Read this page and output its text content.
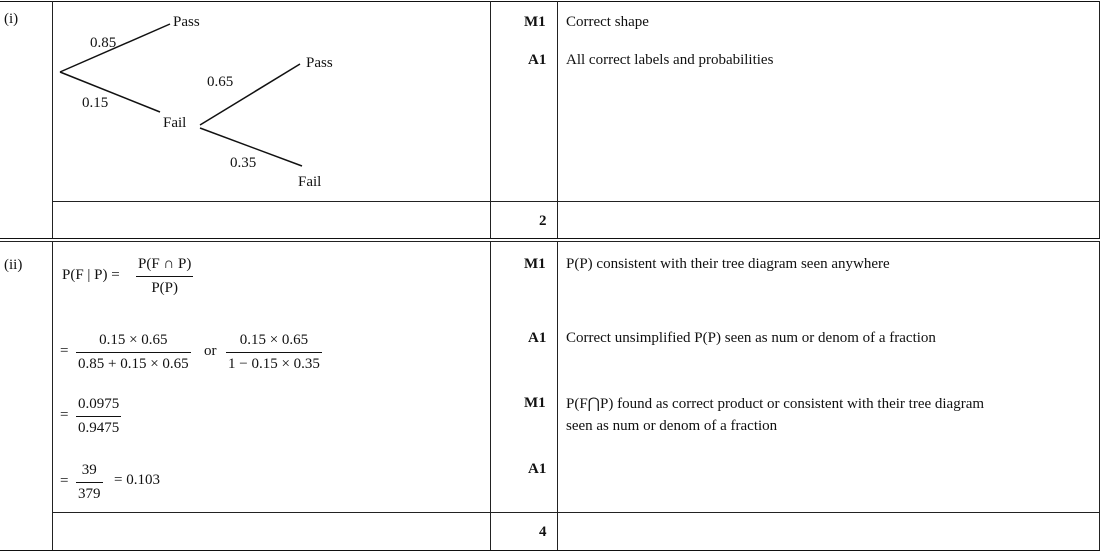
(i)	Pass
0.85
0.15
Fail
0.65
Pass
0.35
Fail
M1 Correct shape
A1 All correct labels and probabilities
2
(ii)
P(F | $P) = \frac{P(F \cap P)}{P(P)}$
= $\frac{0.15 \times 0.65}{0.85 + 0.15 \times 0.65}$ or $\frac{0.15 \times 0.65}{1 - 0.15 \times 0.35}$
= $\frac{0.0975}{0.9475}$
= $\frac{39}{379} = 0.103$
M1 P(P) consistent with their tree diagram seen anywhere
A1 Correct unsimplified P(P) seen as num or denom of a fraction
M1 P(F⋂P) found as correct product or consistent with their tree diagram
seen as num or denom of a fraction
A1
4
